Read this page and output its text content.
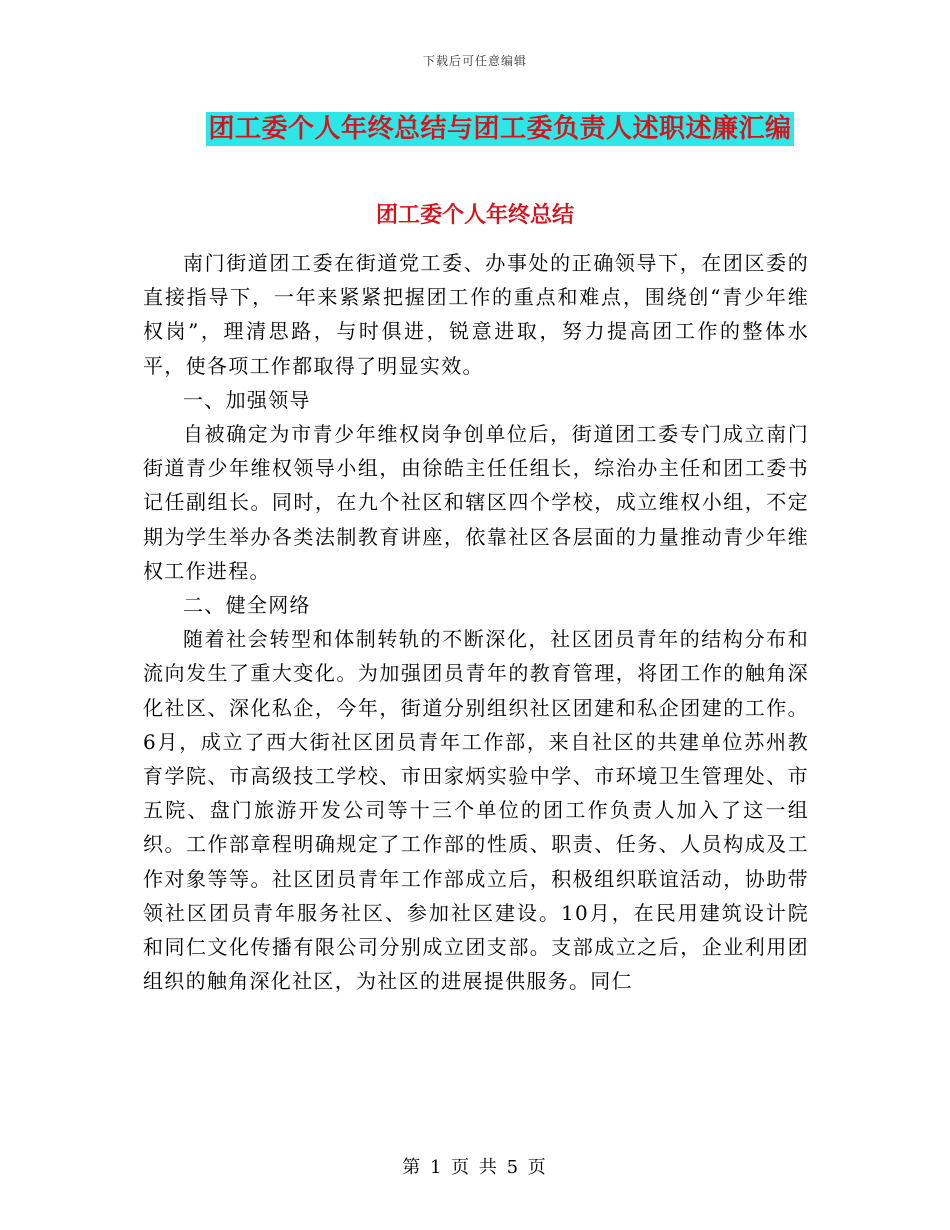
下载后可任意编辑
团工委个人年终总结与团工委负责人述职述廉汇编
团工委个人年终总结

南门街道团工委在街道党工委、办事处的正确领导下，在团区委的直接指导下，一年来紧紧把握团工作的重点和难点，围绕创“青少年维权岗”，理清思路，与时俱进，锐意进取，努力提高团工作的整体水平，使各项工作都取得了明显实效。

一、加强领导

自被确定为市青少年维权岗争创单位后，街道团工委专门成立南门街道青少年维权领导小组，由徐皓主任任组长，综治办主任和团工委书记任副组长。同时，在九个社区和辖区四个学校，成立维权小组，不定期为学生举办各类法制教育讲座，依靠社区各层面的力量推动青少年维权工作进程。

二、健全网络

随着社会转型和体制转轨的不断深化，社区团员青年的结构分布和流向发生了重大变化。为加强团员青年的教育管理，将团工作的触角深化社区、深化私企，今年，街道分别组织社区团建和私企团建的工作。6月，成立了西大街社区团员青年工作部，来自社区的共建单位苏州教育学院、市高级技工学校、市田家炳实验中学、市环境卫生管理处、市五院、盘门旅游开发公司等十三个单位的团工作负责人加入了这一组织。工作部章程明确规定了工作部的性质、职责、任务、人员构成及工作对象等等。社区团员青年工作部成立后，积极组织联谊活动，协助带领社区团员青年服务社区、参加社区建设。10月，在民用建筑设计院和同仁文化传播有限公司分别成立团支部。支部成立之后，企业利用团组织的触角深化社区，为社区的进展提供服务。同仁

第 1 页 共 5 页
